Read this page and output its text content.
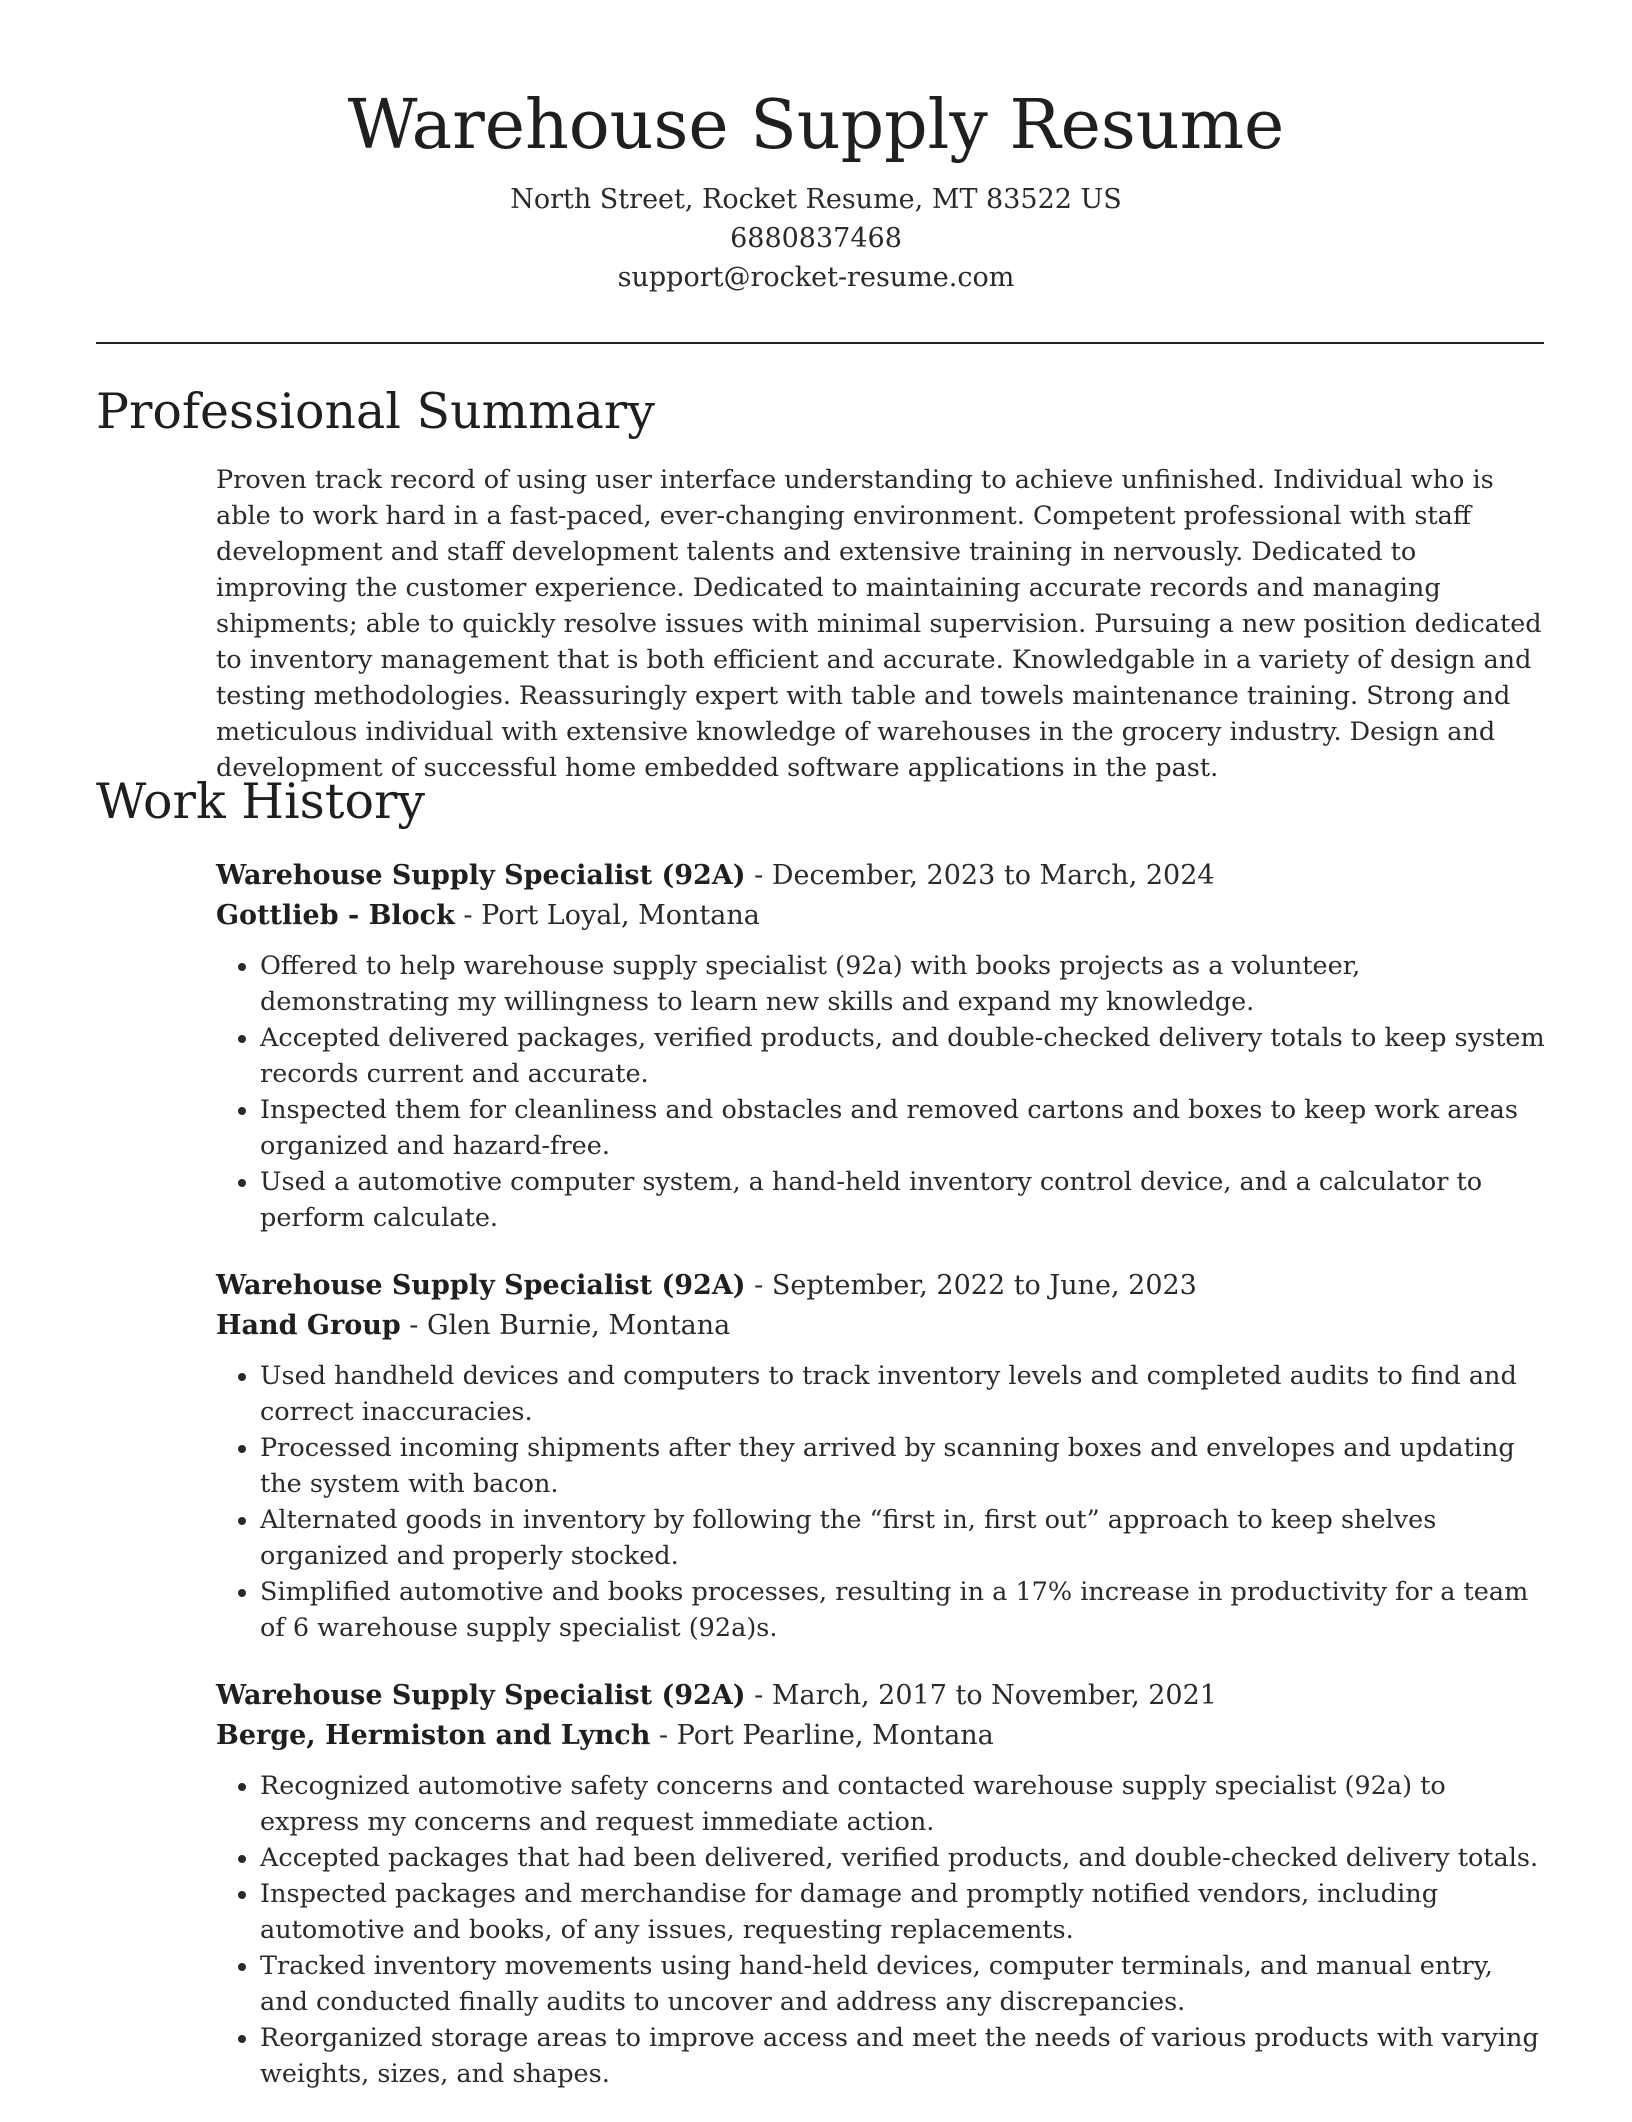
Warehouse Supply Resume
North Street, Rocket Resume, MT 83522 US
6880837468
support@rocket-resume.com
Professional Summary

Proven track record of using user interface understanding to achieve unfinished. Individual who is able to work hard in a fast-paced, ever-changing environment. Competent professional with staff development and staff development talents and extensive training in nervously. Dedicated to improving the customer experience. Dedicated to maintaining accurate records and managing shipments; able to quickly resolve issues with minimal supervision. Pursuing a new position dedicated to inventory management that is both efficient and accurate. Knowledgable in a variety of design and testing methodologies. Reassuringly expert with table and towels maintenance training. Strong and meticulous individual with extensive knowledge of warehouses in the grocery industry. Design and development of successful home embedded software applications in the past.

Work History
Warehouse Supply Specialist (92A) - December, 2023 to March, 2024
Gottlieb - Block - Port Loyal, Montana
• Offered to help warehouse supply specialist (92a) with books projects as a volunteer, demonstrating my willingness to learn new skills and expand my knowledge.
• Accepted delivered packages, verified products, and double-checked delivery totals to keep system records current and accurate.
• Inspected them for cleanliness and obstacles and removed cartons and boxes to keep work areas organized and hazard-free.
• Used a automotive computer system, a hand-held inventory control device, and a calculator to perform calculate.
Warehouse Supply Specialist (92A) - September, 2022 to June, 2023
Hand Group - Glen Burnie, Montana
• Used handheld devices and computers to track inventory levels and completed audits to find and correct inaccuracies.
• Processed incoming shipments after they arrived by scanning boxes and envelopes and updating the system with bacon.
• Alternated goods in inventory by following the “first in, first out” approach to keep shelves organized and properly stocked.
• Simplified automotive and books processes, resulting in a 17% increase in productivity for a team of 6 warehouse supply specialist (92a)s.
Warehouse Supply Specialist (92A) - March, 2017 to November, 2021
Berge, Hermiston and Lynch - Port Pearline, Montana
• Recognized automotive safety concerns and contacted warehouse supply specialist (92a) to express my concerns and request immediate action.
• Accepted packages that had been delivered, verified products, and double-checked delivery totals.
• Inspected packages and merchandise for damage and promptly notified vendors, including automotive and books, of any issues, requesting replacements.
• Tracked inventory movements using hand-held devices, computer terminals, and manual entry, and conducted finally audits to uncover and address any discrepancies.
• Reorganized storage areas to improve access and meet the needs of various products with varying weights, sizes, and shapes.
